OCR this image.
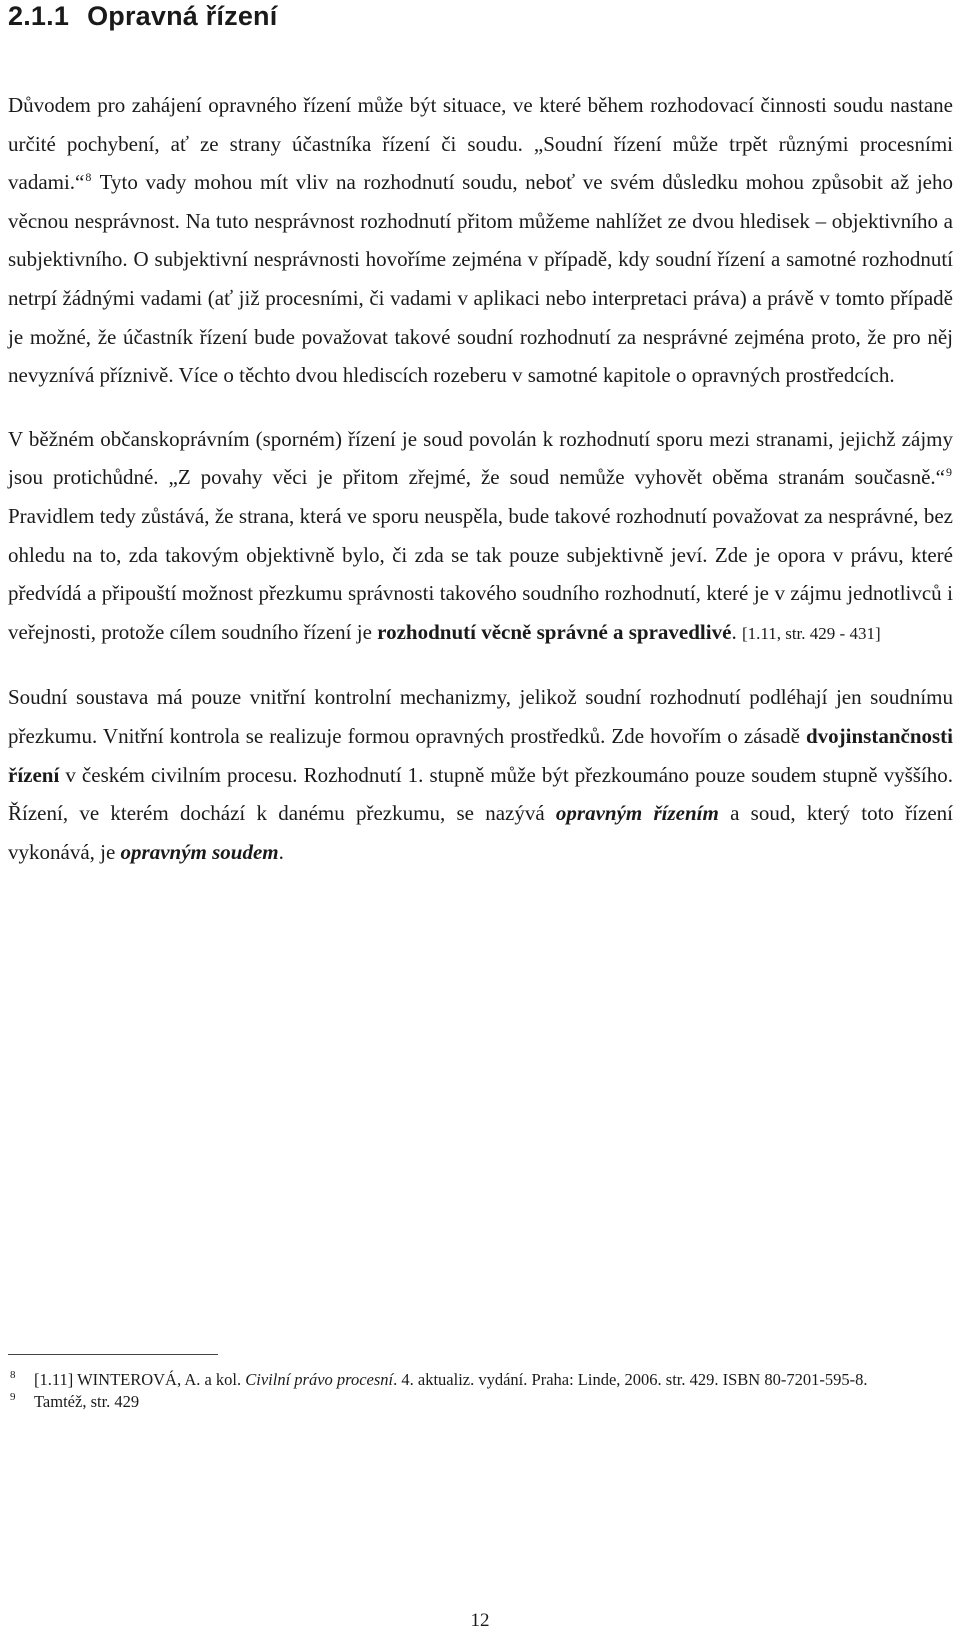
2.1.1 Opravná řízení

Důvodem pro zahájení opravného řízení může být situace, ve které během rozhodovací činnosti soudu nastane určité pochybení, ať ze strany účastníka řízení či soudu. „Soudní řízení může trpět různými procesními vadami.“$^8$ Tyto vady mohou mít vliv na rozhodnutí soudu, neboť ve svém důsledku mohou způsobit až jeho věcnou nesprávnost. Na tuto nesprávnost rozhodnutí přitom můžeme nahlížet ze dvou hledisek – objektivního a subjektivního. O subjektivní nesprávnosti hovoříme zejména v případě, kdy soudní řízení a samotné rozhodnutí netrpí žádnými vadami (ať již procesními, či vadami v aplikaci nebo interpretaci práva) a právě v tomto případě je možné, že účastník řízení bude považovat takové soudní rozhodnutí za nesprávné zejména proto, že pro něj nevyznívá příznivě. Více o těchto dvou hlediscích rozeberu v samotné kapitole o opravných prostředcích.

V běžném občanskoprávním (sporném) řízení je soud povolán k rozhodnutí sporu mezi stranami, jejichž zájmy jsou protichůdné. „Z povahy věci je přitom zřejmé, že soud nemůže vyhovět oběma stranám současně.“$^9$ Pravidlem tedy zůstává, že strana, která ve sporu neuspěla, bude takové rozhodnutí považovat za nesprávné, bez ohledu na to, zda takovým objektivně bylo, či zda se tak pouze subjektivně jeví. Zde je opora v právu, které předvídá a připouští možnost přezkumu správnosti takového soudního rozhodnutí, které je v zájmu jednotlivců i veřejnosti, protože cílem soudního řízení je rozhodnutí věcně správné a spravedlivé. [1.11, str. 429 - 431]

Soudní soustava má pouze vnitřní kontrolní mechanizmy, jelikož soudní rozhodnutí podléhají jen soudnímu přezkumu. Vnitřní kontrola se realizuje formou opravných prostředků. Zde hovořím o zásadě dvojinstančnosti řízení v českém civilním procesu. Rozhodnutí 1. stupně může být přezkoumáno pouze soudem stupně vyššího. Řízení, ve kterém dochází k danému přezkumu, se nazývá opravným řízením a soud, který toto řízení vykonává, je opravným soudem.

8 [1.11] WINTEROVÁ, A. a kol. Civilní právo procesní. 4. aktualiz. vydání. Praha: Linde, 2006. str. 429. ISBN 80-7201-595-8.
9 Tamtéž, str. 429
12
